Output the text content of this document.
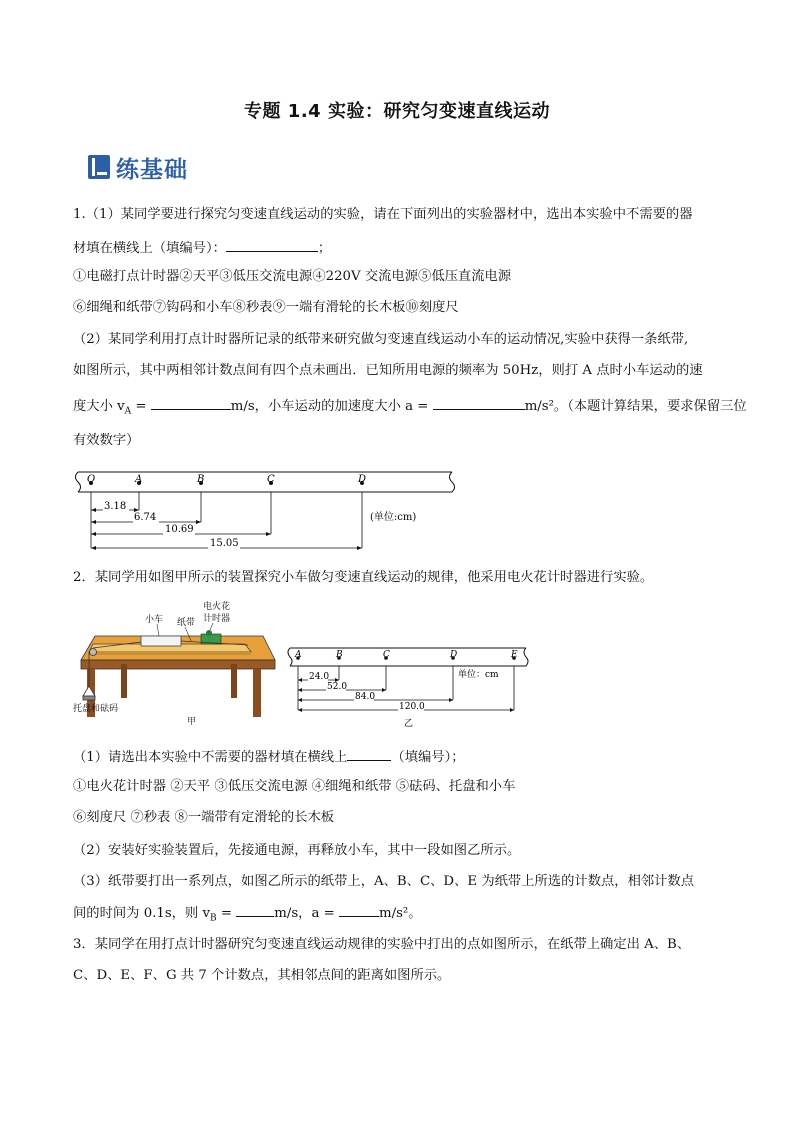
专题 1.4 实验：研究匀变速直线运动
练基础
1.（1）某同学要进行探究匀变速直线运动的实验，请在下面列出的实验器材中，选出本实验中不需要的器
材填在横线上（填编号）：	；
①电磁打点计时器②天平③低压交流电源④220V 交流电源⑤低压直流电源
⑥细绳和纸带⑦钩码和小车⑧秒表⑨一端有滑轮的长木板⑩刻度尺
（2）某同学利用打点计时器所记录的纸带来研究做匀变速直线运动小车的运动情况,实验中获得一条纸带,
如图所示，其中两相邻计数点间有四个点未画出．已知所用电源的频率为 50Hz，则打 A 点时小车运动的速
度大小 $v_A$ =	m/s，小车运动的加速度大小 a =	m/s²。（本题计算结果，要求保留三位
有效数字）
O	A	B	C	D
3.18
6.74
10.69
15.05
(单位:cm)
2．某同学用如图甲所示的装置探究小车做匀变速直线运动的规律，他采用电火花计时器进行实验。
小车 纸带
电火花
计时器
托盘和砝码
甲
A	B	C	D	E
24.0
52.0
84.0
120.0
单位：cm
乙
（1）请选出本实验中不需要的器材填在横线上	（填编号）；
①电火花计时器 ②天平 ③低压交流电源 ④细绳和纸带 ⑤砝码、托盘和小车
⑥刻度尺 ⑦秒表 ⑧一端带有定滑轮的长木板
（2）安装好实验装置后，先接通电源，再释放小车，其中一段如图乙所示。
（3）纸带要打出一系列点，如图乙所示的纸带上，A、B、C、D、E 为纸带上所选的计数点，相邻计数点
间的时间为 0.1s，则 $v_B$ =	m/s，a =	m/s²。
3．某同学在用打点计时器研究匀变速直线运动规律的实验中打出的点如图所示，在纸带上确定出 A、B、
C、D、E、F、G 共 7 个计数点，其相邻点间的距离如图所示。
